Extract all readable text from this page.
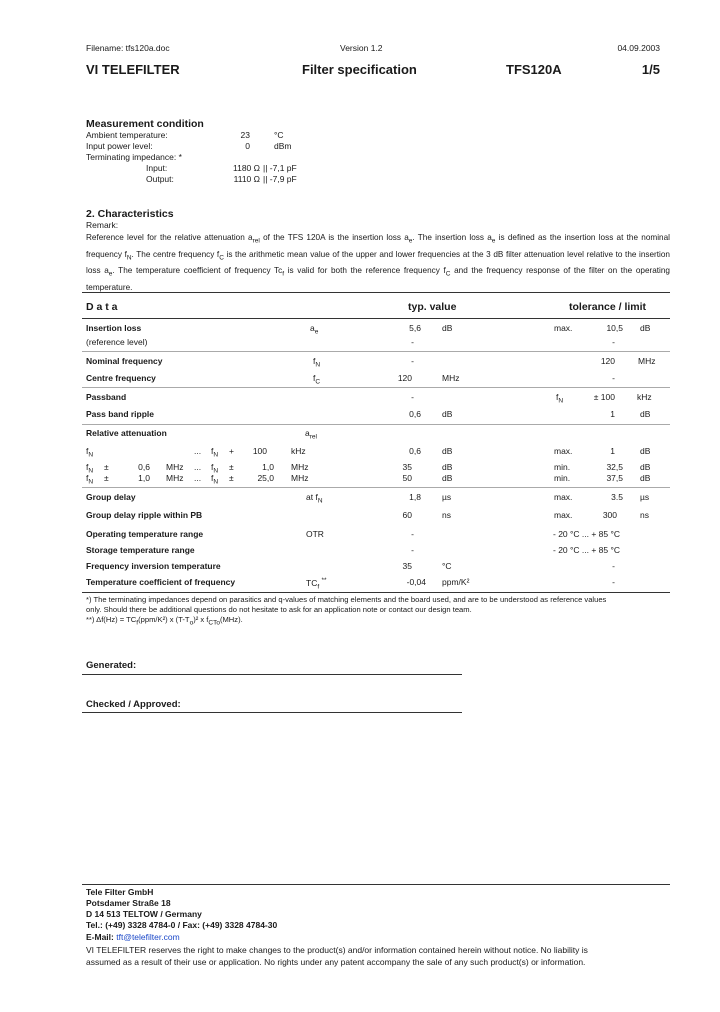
Filename: tfs120a.doc	Version 1.2	04.09.2003
VI TELEFILTER	Filter specification	TFS120A	1/5
Measurement condition
Ambient temperature:	23	°C
Input power level:	0	dBm
Terminating impedance: *
Input:	1180 Ω || -7,1 pF
Output:	1110 Ω || -7,9 pF
2. Characteristics
Remark:
Reference level for the relative attenuation $a_{rel}$ of the TFS 120A is the insertion loss $a_e$. The insertion loss $a_e$ is defined as the insertion loss at the nominal frequency $f_N$. The centre frequency $f_C$ is the arithmetic mean value of the upper and lower frequencies at the 3 dB filter attenuation level relative to the insertion loss $a_e$. The temperature coefficient of frequency $Tc_f$ is valid for both the reference frequency $f_C$ and the frequency response of the filter on the operating temperature.
D a t a	typ. value	tolerance / limit
Insertion loss	$a_e$	5,6 dB	max.	10,5 dB
(reference level)	-	-
Nominal frequency	$f_N$	-	120	MHz
Centre frequency	$f_C$	120	MHz	-
Passband	-	$f_N$	± 100	kHz
Pass band ripple	0,6 dB	1	dB
Relative attenuation	$a_{rel}$
$f_N$	... $f_N$ +	100	kHz	0,6 dB	max.	1	dB
$f_N$ ±	0,6 MHz ... $f_N$ ±	1,0 MHz	35	dB	min.	32,5 dB
$f_N$ ±	1,0 MHz ... $f_N$ ±	25,0 MHz	50	dB	min.	37,5 dB
Group delay	at $f_N$	1,8 µs	max.	3.5 µs
Group delay ripple within PB	60	ns	max.	300	ns
Operating temperature range	OTR	-	- 20 °C ... + 85 °C
Storage temperature range	-	- 20 °C ... + 85 °C
Frequency inversion temperature	35	°C	-
Temperature coefficient of frequency	$TC_f$ **	-0,04 ppm/K²	-
*) The terminating impedances depend on parasitics and q-values of matching elements and the board used, and are to be understood as reference values
only. Should there be additional questions do not hesitate to ask for an application note or contact our design team.
**) $\Delta f(Hz) = TC_f(ppm/K^2)$ x $(T-T_o)^2$ x $f_{CTo}(MHz)$.
Generated:
Checked / Approved:
Tele Filter GmbH
Potsdamer Straße 18
D 14 513 TELTOW / Germany
Tel.: (+49) 3328 4784-0 / Fax: (+49) 3328 4784-30
E-Mail: tft@telefilter.com
VI TELEFILTER reserves the right to make changes to the product(s) and/or information contained herein without notice. No liability is
assumed as a result of their use or application. No rights under any patent accompany the sale of any such product(s) or information.
